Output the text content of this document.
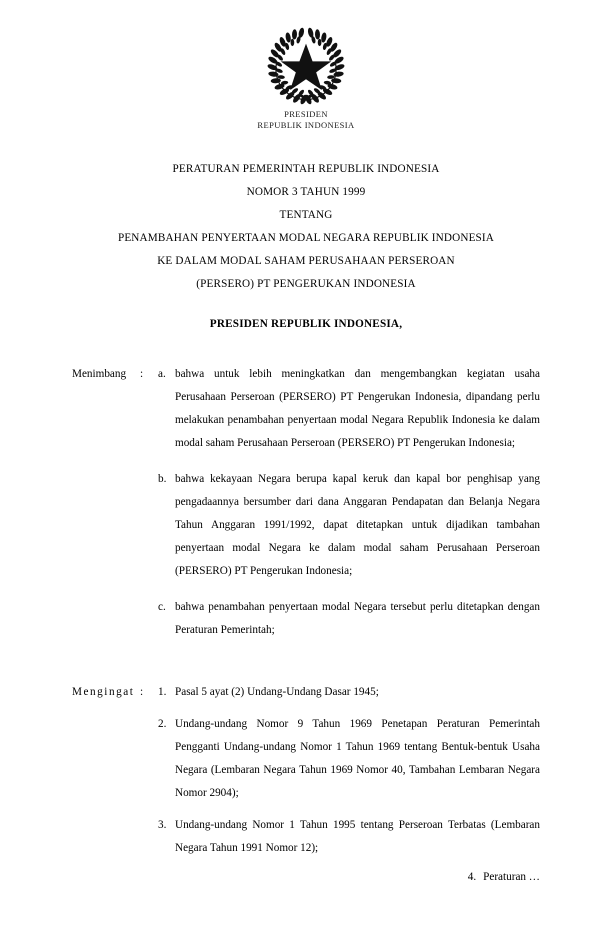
PRESIDEN
REPUBLIK INDONESIA
PERATURAN PEMERINTAH REPUBLIK INDONESIA
NOMOR 3 TAHUN 1999
TENTANG
PENAMBAHAN PENYERTAAN MODAL NEGARA REPUBLIK INDONESIA
KE DALAM MODAL SAHAM PERUSAHAAN PERSEROAN
(PERSERO) PT PENGERUKAN INDONESIA
PRESIDEN REPUBLIK INDONESIA,
Menimbang	:	a. bahwa untuk lebih meningkatkan dan mengembangkan kegiatan usaha Perusahaan Perseroan (PERSERO) PT Pengerukan Indonesia, dipandang perlu melakukan penambahan penyertaan modal Negara Republik Indonesia ke dalam modal saham Perusahaan Perseroan (PERSERO) PT Pengerukan Indonesia;
b. bahwa kekayaan Negara berupa kapal keruk dan kapal bor penghisap yang pengadaannya bersumber dari dana Anggaran Pendapatan dan Belanja Negara Tahun Anggaran 1991/1992, dapat ditetapkan untuk dijadikan tambahan penyertaan modal Negara ke dalam modal saham Perusahaan Perseroan (PERSERO) PT Pengerukan Indonesia;
c. bahwa penambahan penyertaan modal Negara tersebut perlu ditetapkan dengan Peraturan Pemerintah;
Mengingat :	1. Pasal 5 ayat (2) Undang-Undang Dasar 1945;
2. Undang-undang Nomor 9 Tahun 1969 Penetapan Peraturan Pemerintah Pengganti Undang-undang Nomor 1 Tahun 1969 tentang Bentuk-bentuk Usaha Negara (Lembaran Negara Tahun 1969 Nomor 40, Tambahan Lembaran Negara Nomor 2904);
3. Undang-undang Nomor 1 Tahun 1995 tentang Perseroan Terbatas (Lembaran Negara Tahun 1991 Nomor 12);
4. Peraturan …
